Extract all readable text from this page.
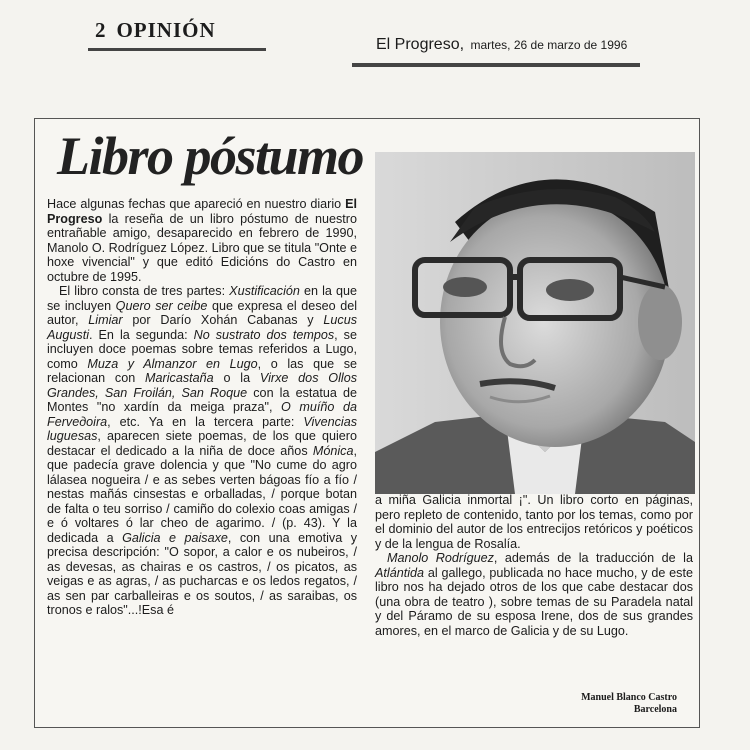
2 OPINIÓN
El Progreso, martes, 26 de marzo de 1996
Libro póstumo

Hace algunas fechas que apareció en nuestro diario El Progreso la reseña de un libro póstumo de nuestro entrañable amigo, desaparecido en febrero de 1990, Manolo O. Rodríguez López. Libro que se titula "Onte e hoxe vivencial" y que editó Edicións do Castro en octubre de 1995.

El libro consta de tres partes: Xustificación en la que se incluyen Quero ser ceibe que expresa el deseo del autor, Limiar por Darío Xohán Cabanas y Lucus Augusti. En la segunda: No sustrato dos tempos, se incluyen doce poemas sobre temas referidos a Lugo, como Muza y Almanzor en Lugo, o las que se relacionan con Maricastaña o la Virxe dos Ollos Grandes, San Froilán, San Roque con la estatua de Montes "no xardín da meiga praza", O muíño da Ferveдoira, etc. Ya en la tercera parte: Vivencias luguesas, aparecen siete poemas, de los que quiero destacar el dedicado a la niña de doce años Mónica, que padecía grave dolencia y que "No cume do agro lálasea nogueira / e as sebes verten bágoas fío a fío / nestas mañás cinsestas e orballadas, / porque botan de falta o teu sorriso / camiño do colexio coas amigas / e ó voltares ó lar cheo de agarimo. / (p. 43). Y la dedicada a Galicia e paisaxe, con una emotiva y precisa descripción: "O sopor, a calor e os nubeiros, / as devesas, as chairas e os castros, / os picatos, as veigas e as agras, / as pucharcas e os ledos regatos, / as sen par carballeiras e os soutos, / as saraibas, os tronos e ralos"...!Esa é

a miña Galicia inmortal ¡". Un libro corto en páginas, pero repleto de contenido, tanto por los temas, como por el dominio del autor de los entrecijos retóricos y poéticos y de la lengua de Rosalía.

Manolo Rodríguez, además de la traducción de la Atlántida al gallego, publicada no hace mucho, y de este libro nos ha dejado otros de los que cabe destacar dos (una obra de teatro ), sobre temas de su Paradela natal y del Páramo de su esposa Irene, dos de sus grandes amores, en el marco de Galicia y de su Lugo.

Manuel Blanco Castro
Barcelona
